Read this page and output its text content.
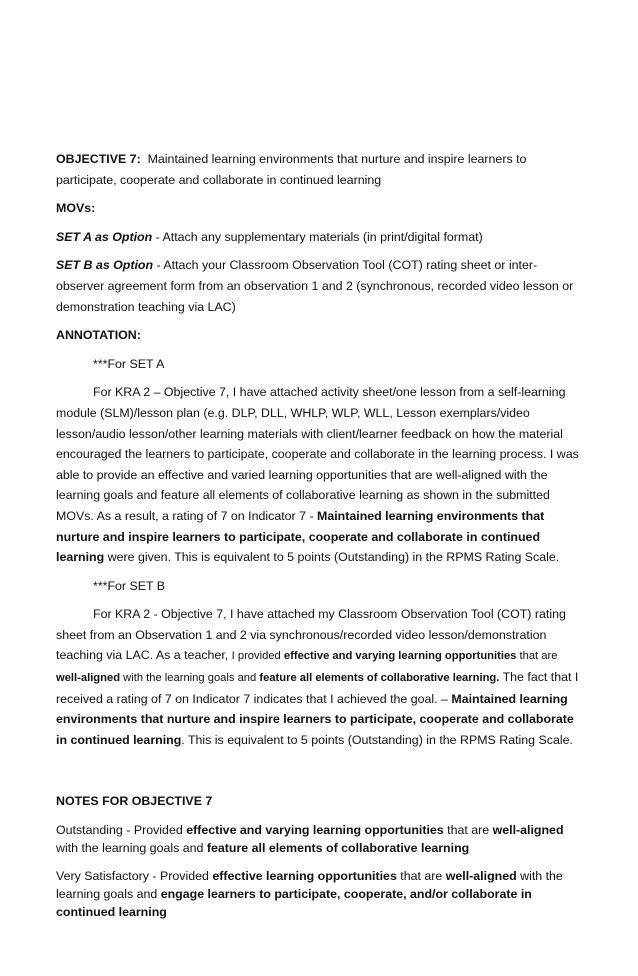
OBJECTIVE 7: Maintained learning environments that nurture and inspire learners to participate, cooperate and collaborate in continued learning

MOVs:

SET A as Option - Attach any supplementary materials (in print/digital format)

SET B as Option - Attach your Classroom Observation Tool (COT) rating sheet or inter-observer agreement form from an observation 1 and 2 (synchronous, recorded video lesson or demonstration teaching via LAC)

ANNOTATION:

***For SET A

For KRA 2 – Objective 7, I have attached activity sheet/one lesson from a self-learning module (SLM)/lesson plan (e.g. DLP, DLL, WHLP, WLP, WLL, Lesson exemplars/video lesson/audio lesson/other learning materials with client/learner feedback on how the material encouraged the learners to participate, cooperate and collaborate in the learning process. I was able to provide an effective and varied learning opportunities that are well-aligned with the learning goals and feature all elements of collaborative learning as shown in the submitted MOVs. As a result, a rating of 7 on Indicator 7 - Maintained learning environments that nurture and inspire learners to participate, cooperate and collaborate in continued learning were given. This is equivalent to 5 points (Outstanding) in the RPMS Rating Scale.

***For SET B

For KRA 2 - Objective 7, I have attached my Classroom Observation Tool (COT) rating sheet from an Observation 1 and 2 via synchronous/recorded video lesson/demonstration teaching via LAC. As a teacher, I provided effective and varying learning opportunities that are well-aligned with the learning goals and feature all elements of collaborative learning. The fact that I received a rating of 7 on Indicator 7 indicates that I achieved the goal. – Maintained learning environments that nurture and inspire learners to participate, cooperate and collaborate in continued learning. This is equivalent to 5 points (Outstanding) in the RPMS Rating Scale.

NOTES FOR OBJECTIVE 7

Outstanding - Provided effective and varying learning opportunities that are well-aligned with the learning goals and feature all elements of collaborative learning

Very Satisfactory - Provided effective learning opportunities that are well-aligned with the learning goals and engage learners to participate, cooperate, and/or collaborate in continued learning
